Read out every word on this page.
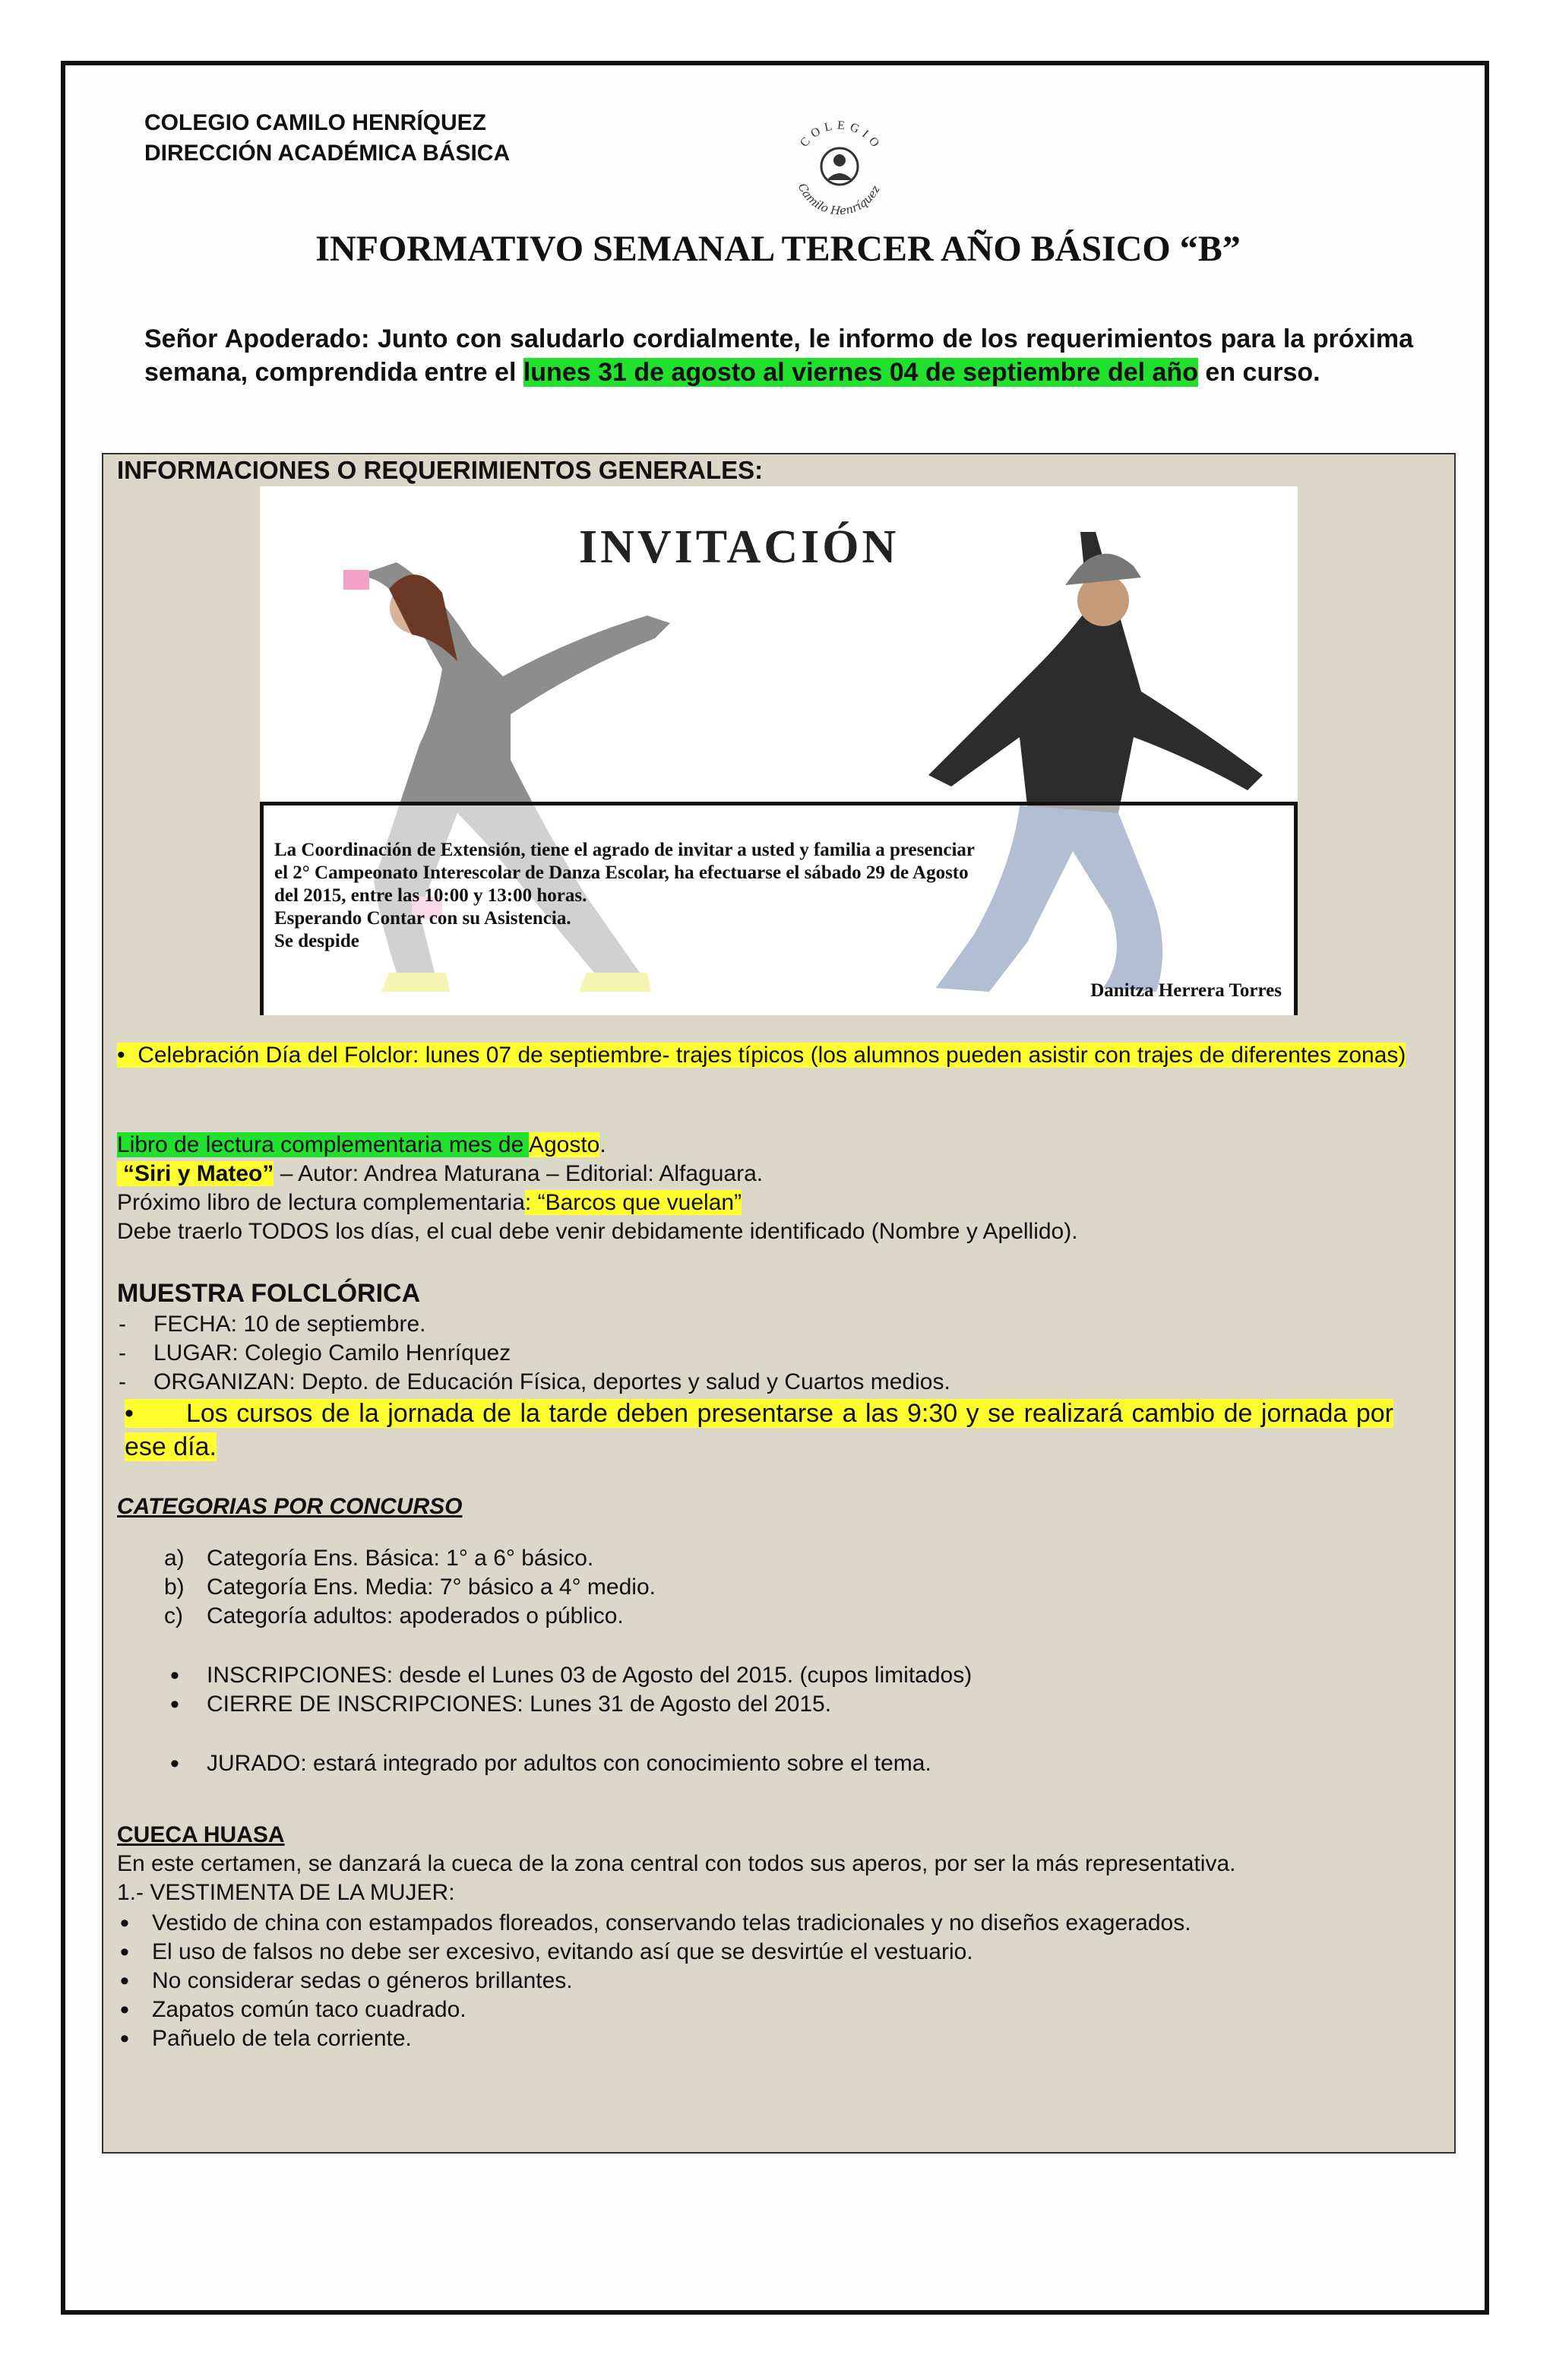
COLEGIO CAMILO HENRÍQUEZ
DIRECCIÓN ACADÉMICA BÁSICA
COLEGIO
Camilo Henríquez
INFORMATIVO SEMANAL TERCER AÑO BÁSICO “B”
Señor Apoderado: Junto con saludarlo cordialmente, le informo de los requerimientos para la próxima semana, comprendida entre el lunes 31 de agosto al viernes 04 de septiembre del año en curso.
INFORMACIONES O REQUERIMIENTOS GENERALES:
INVITACIÓN
La Coordinación de Extensión, tiene el agrado de invitar a usted y familia a presenciar
el 2° Campeonato Interescolar de Danza Escolar, ha efectuarse el sábado 29 de Agosto
del 2015, entre las 10:00 y 13:00 horas.
Esperando Contar con su Asistencia.
Se despide
Danitza Herrera Torres
•  Celebración Día del Folclor: lunes 07 de septiembre- trajes típicos (los alumnos pueden asistir con trajes de diferentes zonas)
Libro de lectura complementaria mes de Agosto.
“Siri y Mateo” – Autor: Andrea Maturana – Editorial: Alfaguara.
Próximo libro de lectura complementaria: “Barcos que vuelan”
Debe traerlo TODOS los días, el cual debe venir debidamente identificado (Nombre y Apellido).
MUESTRA FOLCLÓRICA
- FECHA: 10 de septiembre.
- LUGAR: Colegio Camilo Henríquez
- ORGANIZAN: Depto. de Educación Física, deportes y salud y Cuartos medios.
•      Los cursos de la jornada de la tarde deben presentarse a las 9:30 y se realizará cambio de jornada por ese día.
CATEGORIAS POR CONCURSO
a) Categoría Ens. Básica: 1° a 6° básico.
b) Categoría Ens. Media: 7° básico a 4° medio.
c) Categoría adultos: apoderados o público.
• INSCRIPCIONES: desde el Lunes 03 de Agosto del 2015. (cupos limitados)
• CIERRE DE INSCRIPCIONES: Lunes 31 de Agosto del 2015.
• JURADO: estará integrado por adultos con conocimiento sobre el tema.
CUECA HUASA
En este certamen, se danzará la cueca de la zona central con todos sus aperos, por ser la más representativa.
1.- VESTIMENTA DE LA MUJER:
• Vestido de china con estampados floreados, conservando telas tradicionales y no diseños exagerados.
• El uso de falsos no debe ser excesivo, evitando así que se desvirtúe el vestuario.
• No considerar sedas o géneros brillantes.
• Zapatos común taco cuadrado.
• Pañuelo de tela corriente.
